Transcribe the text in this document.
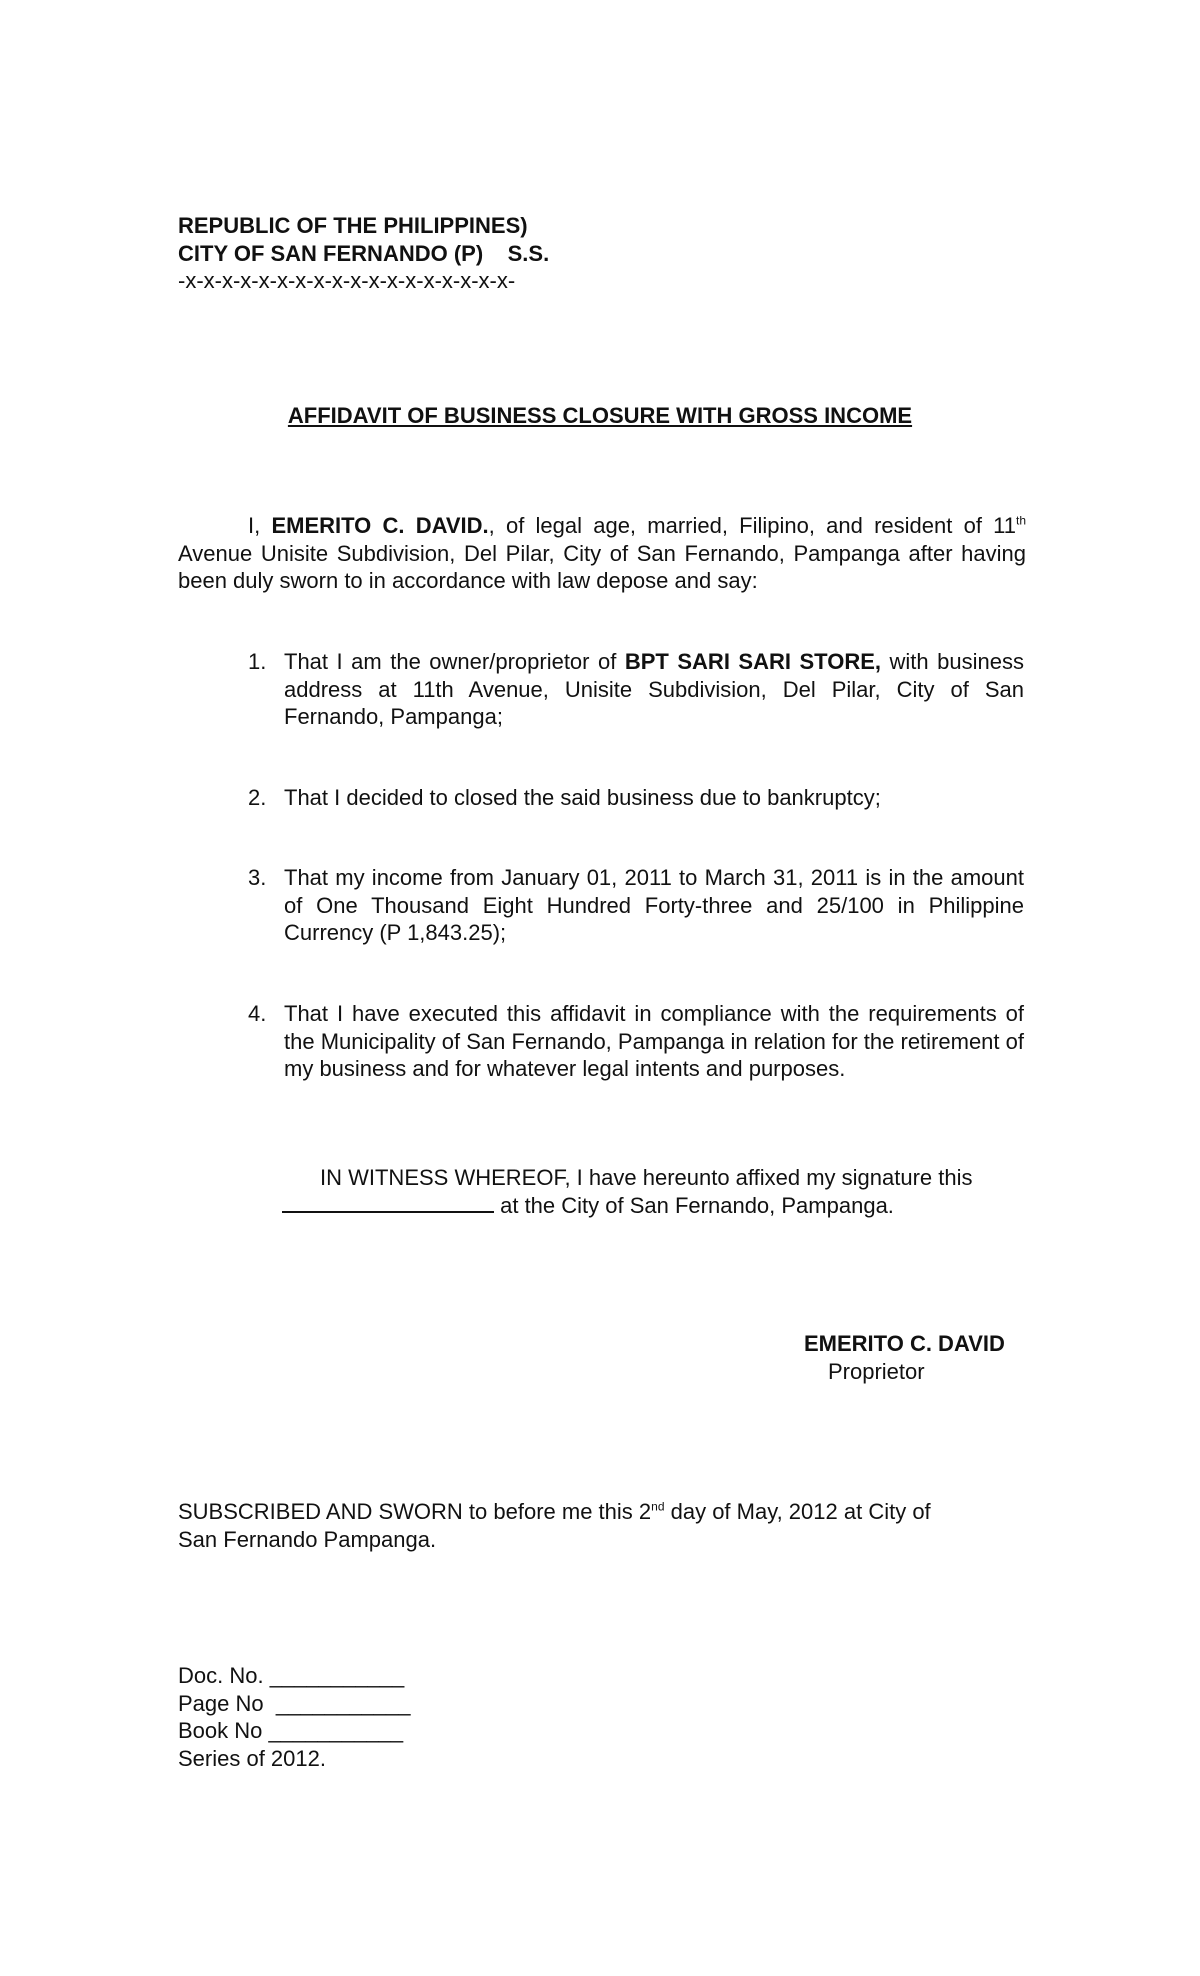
REPUBLIC OF THE PHILIPPINES)
CITY OF SAN FERNANDO (P)    S.S.
-x-x-x-x-x-x-x-x-x-x-x-x-x-x-x-x-x-x-
AFFIDAVIT OF BUSINESS CLOSURE WITH GROSS INCOME
I, EMERITO C. DAVID., of legal age, married, Filipino, and resident of 11th Avenue Unisite Subdivision, Del Pilar, City of San Fernando, Pampanga after having been duly sworn to in accordance with law depose and say:
1. That I am the owner/proprietor of BPT SARI SARI STORE, with business address at 11th Avenue, Unisite Subdivision, Del Pilar, City of San Fernando, Pampanga;
2. That I decided to closed the said business due to bankruptcy;
3. That my income from January 01, 2011 to March 31, 2011 is in the amount of One Thousand Eight Hundred Forty-three and 25/100 in Philippine Currency (P 1,843.25);
4. That I have executed this affidavit in compliance with the requirements of the Municipality of San Fernando, Pampanga in relation for the retirement of my business and for whatever legal intents and purposes.
IN WITNESS WHEREOF, I have hereunto affixed my signature this
at the City of San Fernando, Pampanga.
EMERITO C. DAVID
Proprietor
SUBSCRIBED AND SWORN to before me this 2nd day of May, 2012 at City of
San Fernando Pampanga.
Doc. No. ___________
Page No  ___________
Book No ___________
Series of 2012.
